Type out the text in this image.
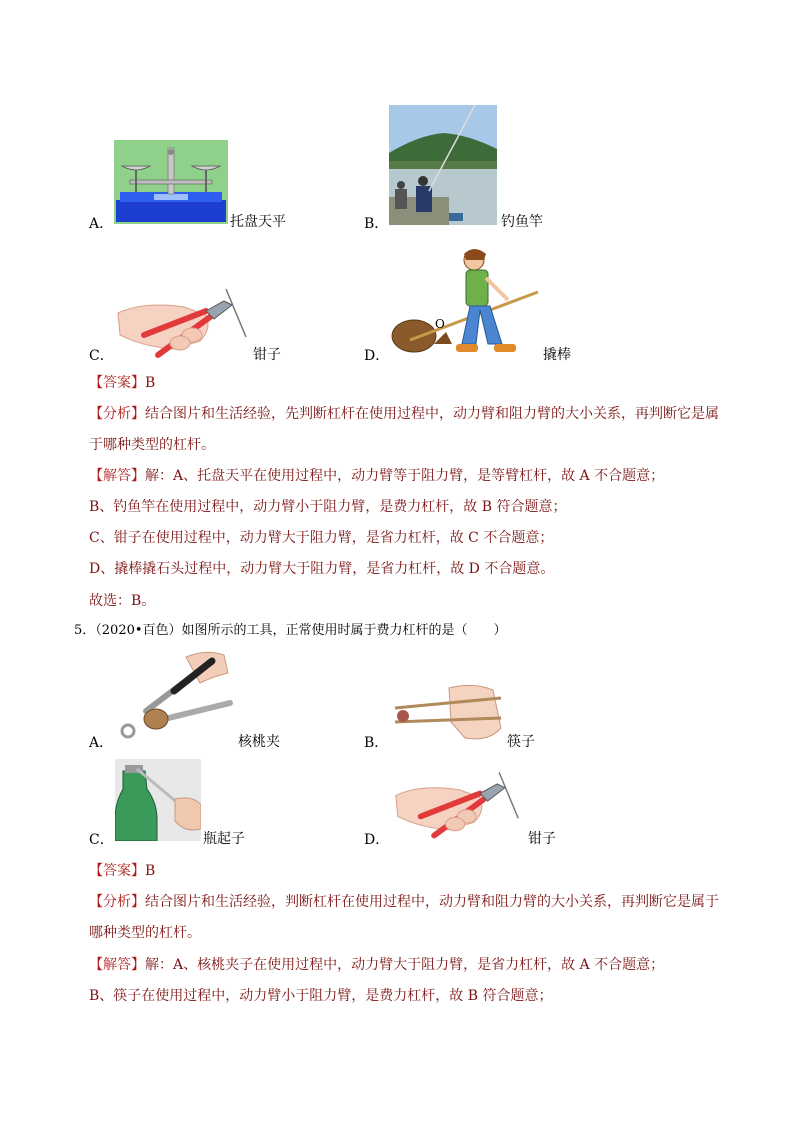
A．	托盘天平	B．	钓鱼竿
C．	钳子
O
D．	撬棒
【答案】B
【分析】结合图片和生活经验，先判断杠杆在使用过程中，动力臂和阻力臂的大小关系，再判断它是属
于哪种类型的杠杆。
【解答】解：A、托盘天平在使用过程中，动力臂等于阻力臂，是等臂杠杆，故 A 不合题意；
B、钓鱼竿在使用过程中，动力臂小于阻力臂，是费力杠杆，故 B 符合题意；
C、钳子在使用过程中，动力臂大于阻力臂，是省力杠杆，故 C 不合题意；
D、撬棒撬石头过程中，动力臂大于阻力臂，是省力杠杆，故 D 不合题意。
故选：B。
5．（2020•百色）如图所示的工具，正常使用时属于费力杠杆的是（　　）
A．	核桃夹	B．	筷子
C．	瓶起子	D．	钳子
【答案】B
【分析】结合图片和生活经验，判断杠杆在使用过程中，动力臂和阻力臂的大小关系，再判断它是属于
哪种类型的杠杆。
【解答】解：A、核桃夹子在使用过程中，动力臂大于阻力臂，是省力杠杆，故 A 不合题意；
B、筷子在使用过程中，动力臂小于阻力臂，是费力杠杆，故 B 符合题意；
